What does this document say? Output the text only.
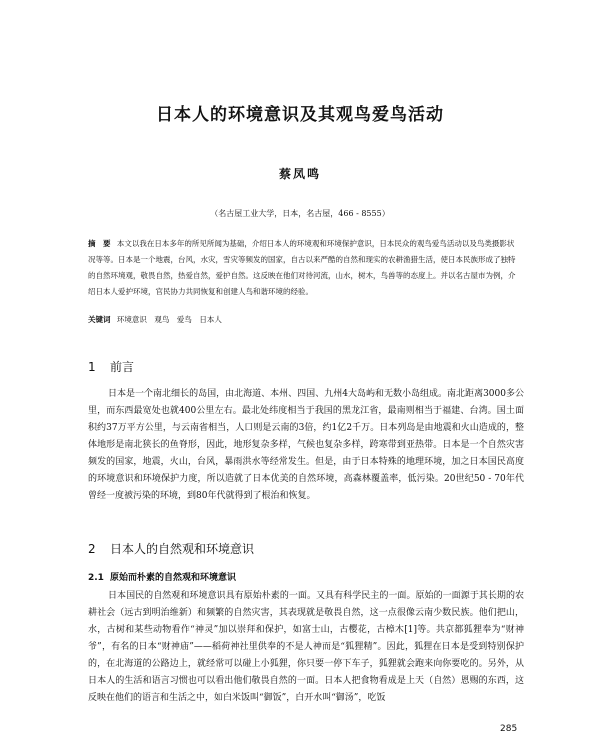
日本人的环境意识及其观鸟爱鸟活动
蔡凤鸣
（名古屋工业大学，日本，名古屋，466 - 8555）
摘　要 本文以我在日本多年的所见所闻为基础，介绍日本人的环境观和环境保护意识，日本民众的观鸟爱鸟活动以及鸟类摄影状况等等。日本是一个地震，台风，水灾，雪灾等频发的国家，自古以来严酷的自然和现实的农耕渔猎生活，使日本民族形成了独特的自然环境观，敬畏自然，热爱自然，爱护自然。这反映在他们对待河流，山水，树木，鸟兽等的态度上。并以名古屋市为例，介绍日本人爱护环境，官民协力共同恢复和创建人鸟和谐环境的经验。
关键词 环境意识　观鸟　爱鸟　日本人
1 前言
日本是一个南北细长的岛国，由北海道、本州、四国、九州4大岛屿和无数小岛组成。南北距离3000多公里，而东西最宽处也就400公里左右。最北处纬度相当于我国的黑龙江省，最南则相当于福建、台湾。国土面积约37万平方公里，与云南省相当，人口则是云南的3倍，约1亿2千万。日本列岛是由地震和火山造成的，整体地形是南北狭长的鱼脊形，因此，地形复杂多样，气候也复杂多样，跨寒带到亚热带。日本是一个自然灾害频发的国家，地震，火山，台风，暴雨洪水等经常发生。但是，由于日本特殊的地理环境，加之日本国民高度的环境意识和环境保护力度，所以造就了日本优美的自然环境，高森林覆盖率，低污染。20世纪50 - 70年代曾经一度被污染的环境，到80年代就得到了根治和恢复。
2 日本人的自然观和环境意识
2.1 原始而朴素的自然观和环境意识
日本国民的自然观和环境意识具有原始朴素的一面。又具有科学民主的一面。原始的一面源于其长期的农耕社会（远古到明治维新）和频繁的自然灾害，其表现就是敬畏自然，这一点很像云南少数民族。他们把山，水，古树和某些动物看作“神灵”加以崇拜和保护，如富士山，古樱花，古樟木[1]等。共京都狐狸奉为“财神爷”，有名的日本“财神庙”——稻荷神社里供奉的不是人神而是“狐狸精”。因此，狐狸在日本是受到特别保护的，在北海道的公路边上，就经常可以碰上小狐狸，你只要一停下车子，狐狸就会跑来向你要吃的。另外，从日本人的生活和语言习惯也可以看出他们敬畏自然的一面。日本人把食物看成是上天（自然）恩赐的东西，这反映在他们的语言和生活之中，如白米饭叫“御饭”，白开水叫“御汤”，吃饭
285
